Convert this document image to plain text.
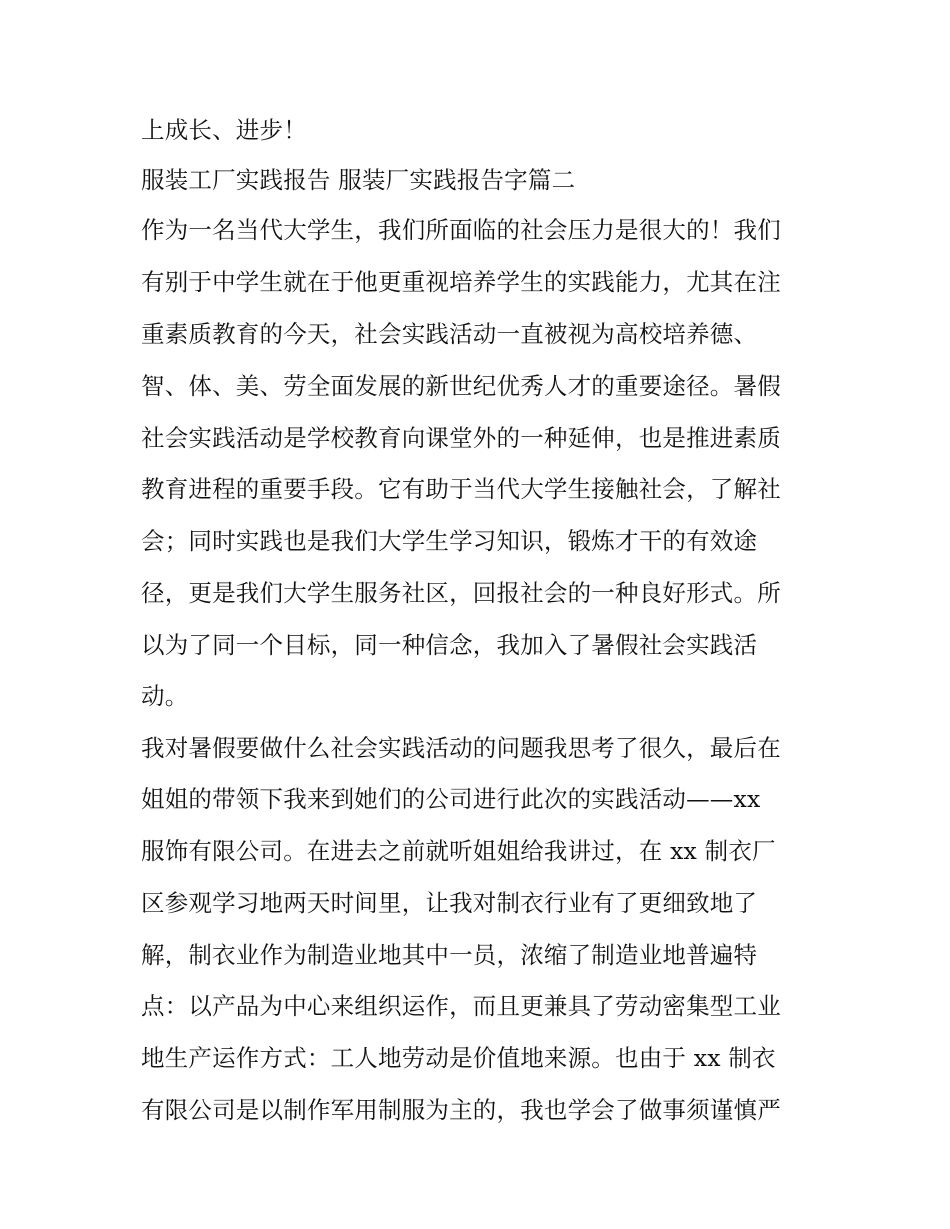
上成长、进步！
服装工厂实践报告 服装厂实践报告字篇二
作为一名当代大学生，我们所面临的社会压力是很大的！我们
有别于中学生就在于他更重视培养学生的实践能力，尤其在注
重素质教育的今天，社会实践活动一直被视为高校培养德、
智、体、美、劳全面发展的新世纪优秀人才的重要途径。暑假
社会实践活动是学校教育向课堂外的一种延伸，也是推进素质
教育进程的重要手段。它有助于当代大学生接触社会，了解社
会；同时实践也是我们大学生学习知识，锻炼才干的有效途
径，更是我们大学生服务社区，回报社会的一种良好形式。所
以为了同一个目标，同一种信念，我加入了暑假社会实践活
动。
我对暑假要做什么社会实践活动的问题我思考了很久，最后在
姐姐的带领下我来到她们的公司进行此次的实践活动——xx
服饰有限公司。在进去之前就听姐姐给我讲过，在 xx 制衣厂
区参观学习地两天时间里，让我对制衣行业有了更细致地了
解，制衣业作为制造业地其中一员，浓缩了制造业地普遍特
点：以产品为中心来组织运作，而且更兼具了劳动密集型工业
地生产运作方式：工人地劳动是价值地来源。也由于 xx 制衣
有限公司是以制作军用制服为主的，我也学会了做事须谨慎严
